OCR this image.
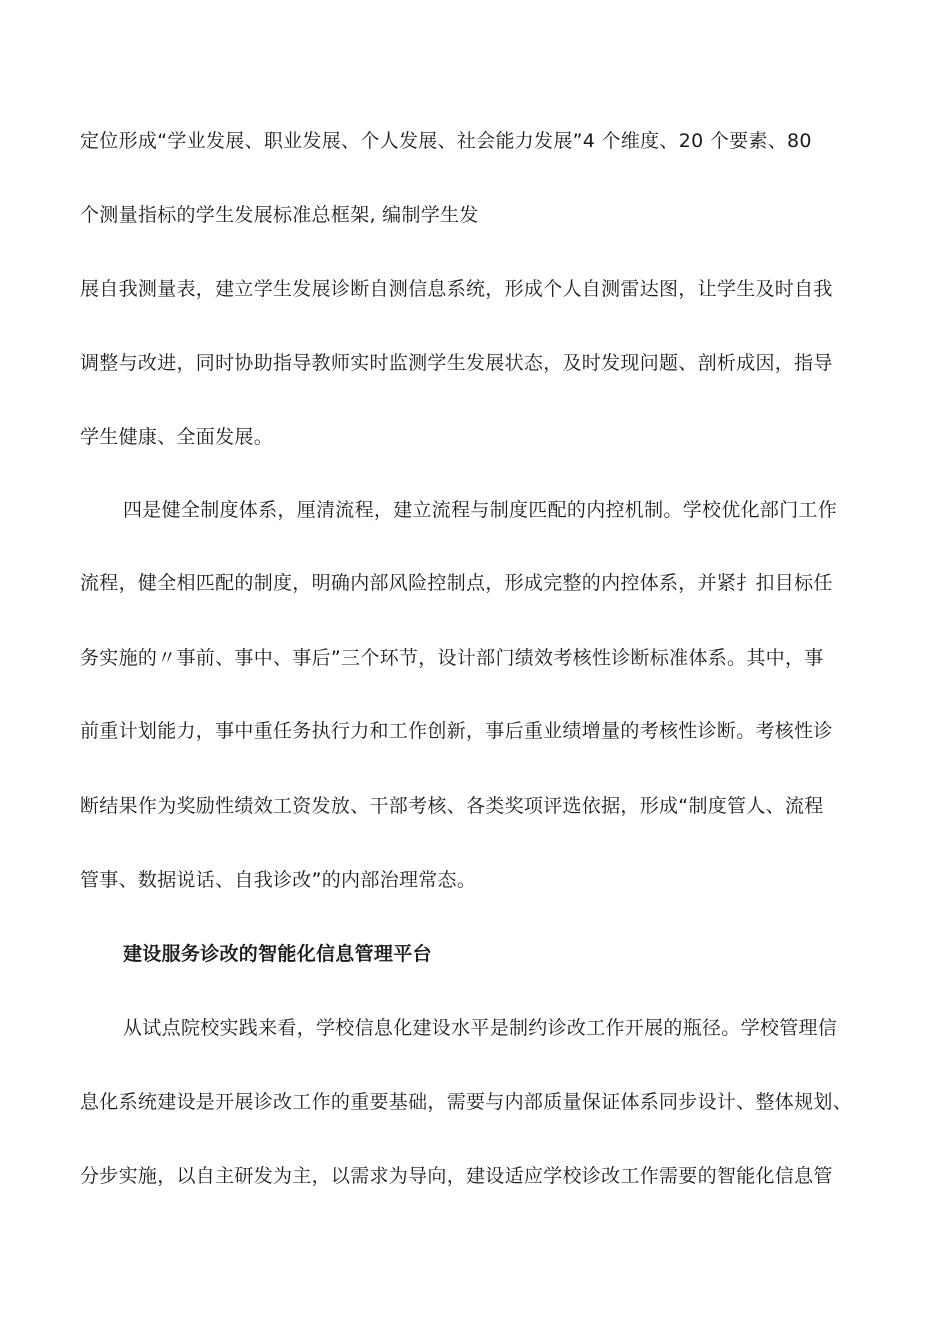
定位形成“学业发展、职业发展、个人发展、社会能力发展”4 个维度、20 个要素、80
个测量指标的学生发展标准总框架, 编制学生发
展自我测量表，建立学生发展诊断自测信息系统，形成个人自测雷达图，让学生及时自我
调整与改进，同时协助指导教师实时监测学生发展状态，及时发现问题、剖析成因，指导
学生健康、全面发展。
四是健全制度体系，厘清流程，建立流程与制度匹配的内控机制。学校优化部门工作
流程，健全相匹配的制度，明确内部风险控制点，形成完整的内控体系，并紧扌扣目标任
务实施的〃事前、事中、事后”三个环节，设计部门绩效考核性诊断标准体系。其中，事
前重计划能力，事中重任务执行力和工作创新，事后重业绩增量的考核性诊断。考核性诊
断结果作为奖励性绩效工资发放、干部考核、各类奖项评选依据，形成“制度管人、流程
管事、数据说话、自我诊改”的内部治理常态。
建设服务诊改的智能化信息管理平台
从试点院校实践来看，学校信息化建设水平是制约诊改工作开展的瓶径。学校管理信
息化系统建设是开展诊改工作的重要基础，需要与内部质量保证体系同步设计、整体规划、
分步实施，以自主研发为主，以需求为导向，建设适应学校诊改工作需要的智能化信息管
